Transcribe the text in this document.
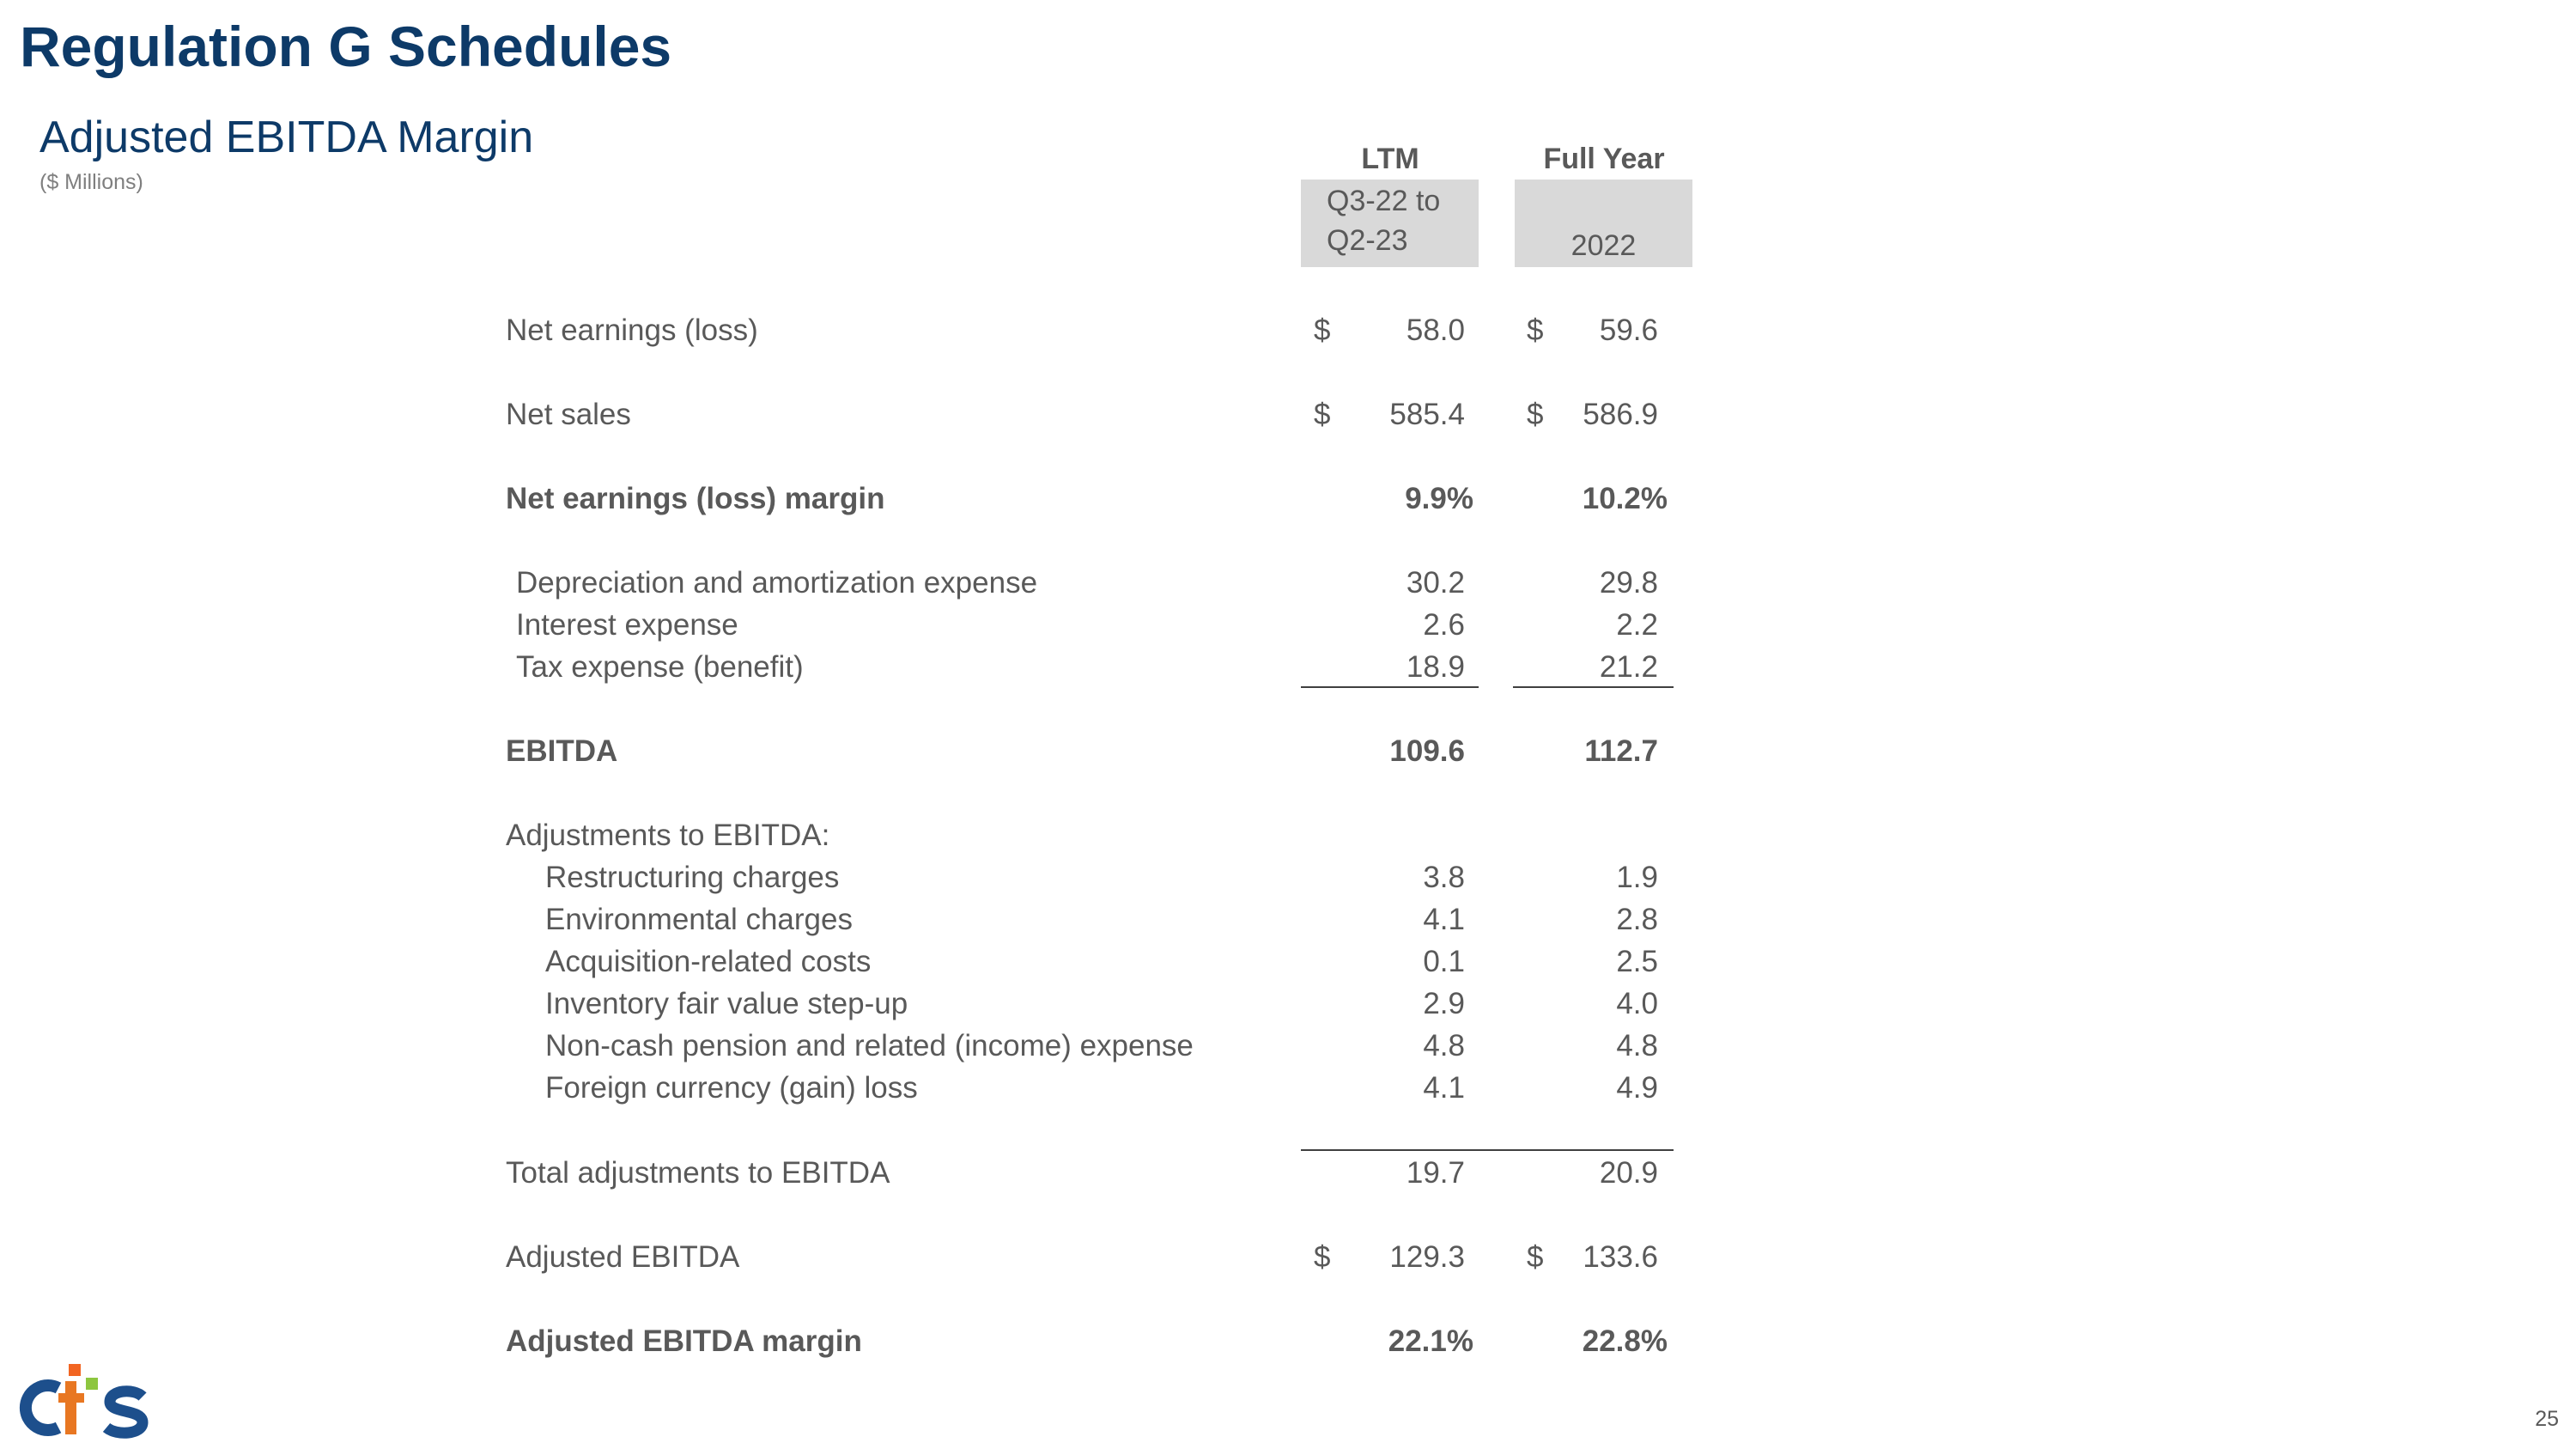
Regulation G Schedules
Adjusted EBITDA Margin
($ Millions)
LTM	Full Year
Q3-22 to
Q2-23	2022
Net earnings (loss)	$	58.0 $ 59.6
Net sales	$ 585.4 $ 586.9
Net earnings (loss) margin	9.9%	10.2%
Depreciation and amortization expense	30.2	29.8
Interest expense	2.6	2.2
Tax expense (benefit)	18.9	21.2
EBITDA	109.6	112.7
Adjustments to EBITDA:
Restructuring charges	3.8	1.9
Environmental charges	4.1	2.8
Acquisition-related costs	0.1	2.5
Inventory fair value step-up	2.9	4.0
Non-cash pension and related (income) expense	4.8	4.8
Foreign currency (gain) loss	4.1	4.9
Total adjustments to EBITDA	19.7	20.9
Adjusted EBITDA	$ 129.3 $ 133.6
Adjusted EBITDA margin	22.1%	22.8%
25
